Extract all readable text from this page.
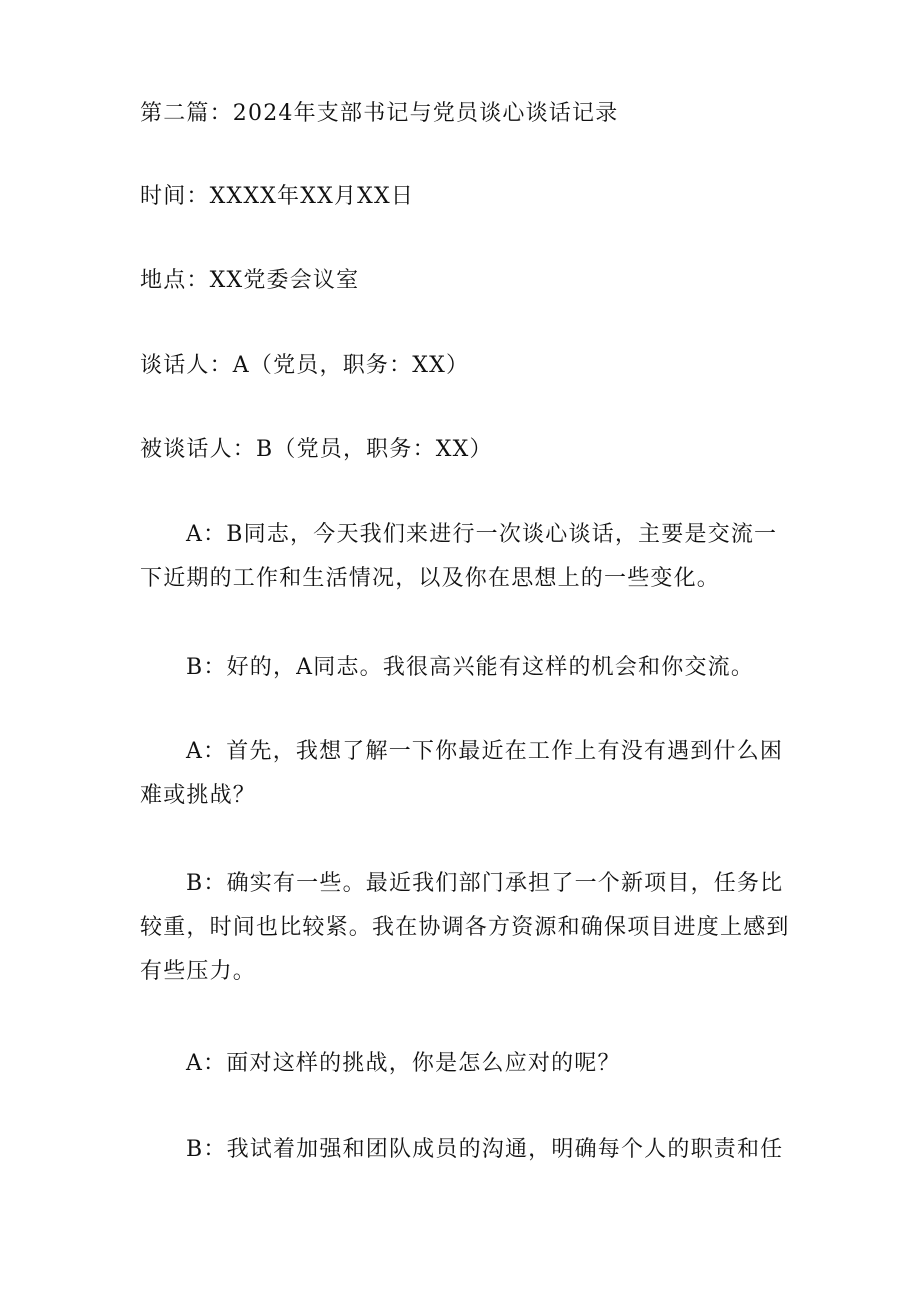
第二篇：2024年支部书记与党员谈心谈话记录
时间：XXXX年XX月XX日
地点：XX党委会议室
谈话人：A（党员，职务：XX）
被谈话人：B（党员，职务：XX）
A：B同志，今天我们来进行一次谈心谈话，主要是交流一下近期的工作和生活情况，以及你在思想上的一些变化。
B：好的，A同志。我很高兴能有这样的机会和你交流。
A：首先，我想了解一下你最近在工作上有没有遇到什么困难或挑战？
B：确实有一些。最近我们部门承担了一个新项目，任务比较重，时间也比较紧。我在协调各方资源和确保项目进度上感到有些压力。
A：面对这样的挑战，你是怎么应对的呢？
B：我试着加强和团队成员的沟通，明确每个人的职责和任
